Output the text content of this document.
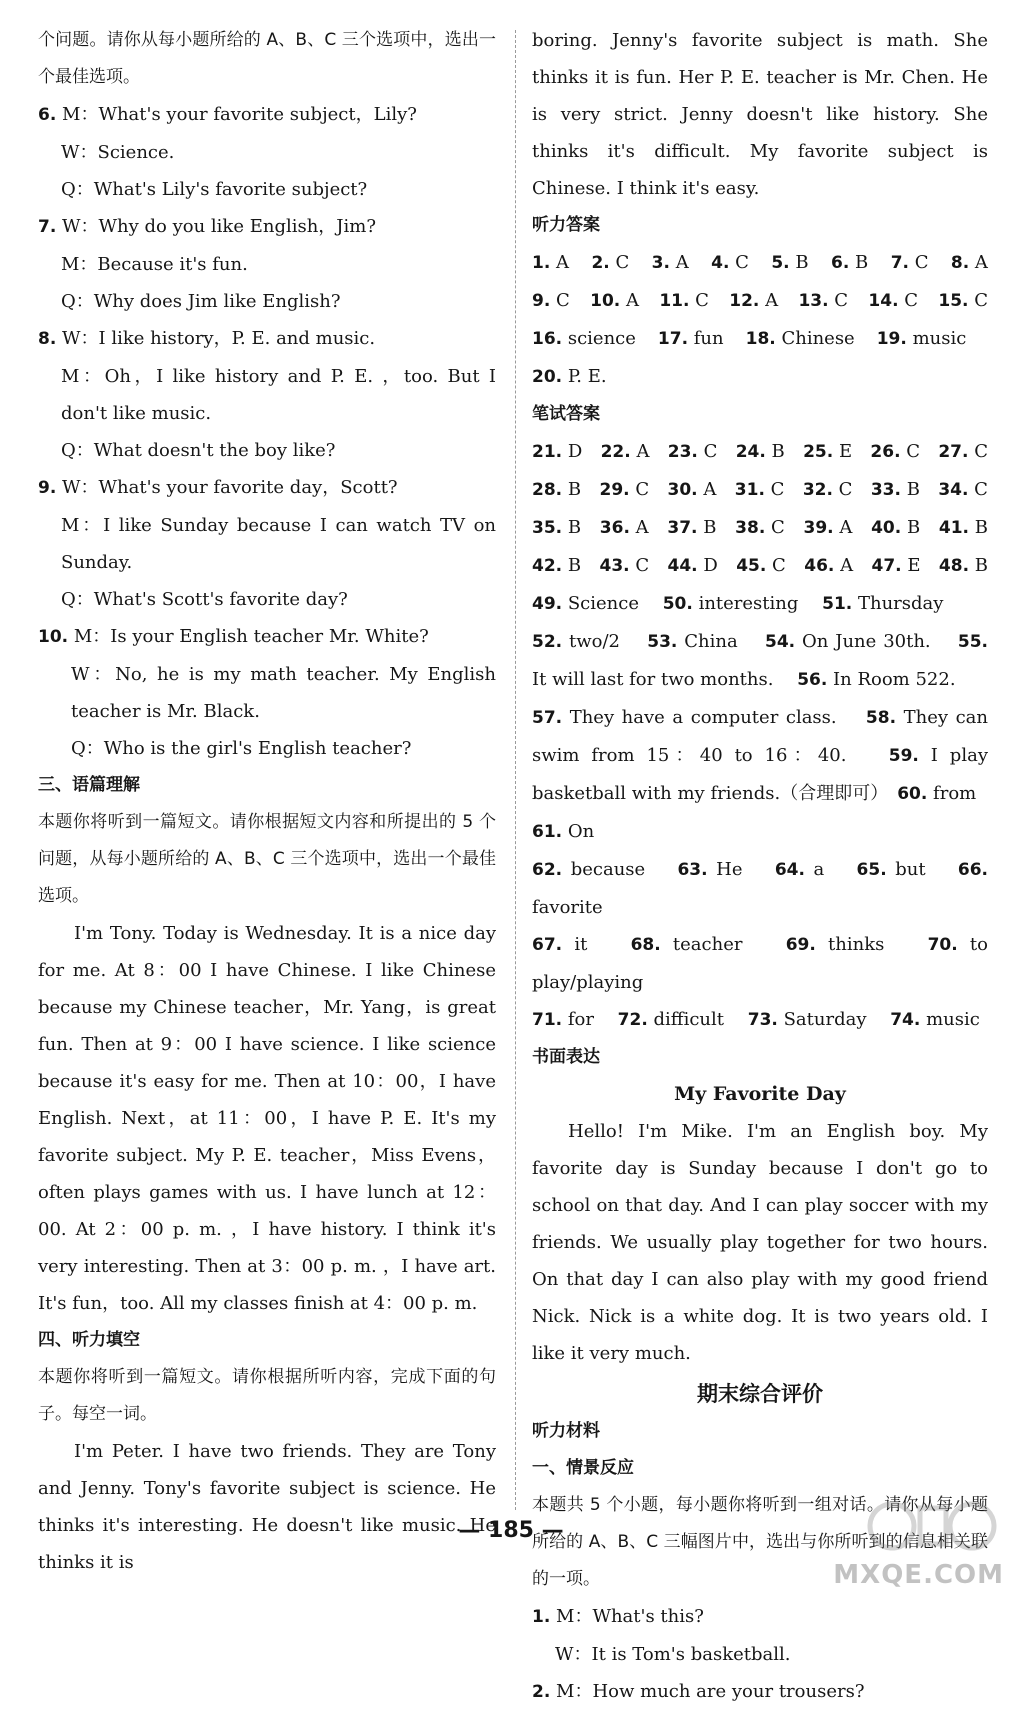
个问题。请你从每小题所给的 A、B、C 三个选项中，选出一个最佳选项。

6. M：What's your favorite subject，Lily?

W：Science.

Q：What's Lily's favorite subject?

7. W：Why do you like English，Jim?

M：Because it's fun.

Q：Why does Jim like English?

8. W：I like history，P. E. and music.

M：Oh，I like history and P. E. ，too. But I don't like music.

Q：What doesn't the boy like?

9. W：What's your favorite day，Scott?

M：I like Sunday because I can watch TV on Sunday.

Q：What's Scott's favorite day?

10. M：Is your English teacher Mr. White?

W：No, he is my math teacher. My English teacher is Mr. Black.

Q：Who is the girl's English teacher?

三、语篇理解

本题你将听到一篇短文。请你根据短文内容和所提出的 5 个问题，从每小题所给的 A、B、C 三个选项中，选出一个最佳选项。

I'm Tony. Today is Wednesday. It is a nice day for me. At 8：00 I have Chinese. I like Chinese because my Chinese teacher，Mr. Yang，is great fun. Then at 9：00 I have science. I like science because it's easy for me. Then at 10：00，I have English. Next，at 11：00，I have P. E. It's my favorite subject. My P. E. teacher，Miss Evens，often plays games with us. I have lunch at 12：00. At 2：00 p. m. ，I have history. I think it's very interesting. Then at 3：00 p. m. ，I have art. It's fun，too. All my classes finish at 4：00 p. m.

四、听力填空

本题你将听到一篇短文。请你根据所听内容，完成下面的句子。每空一词。

I'm Peter. I have two friends. They are Tony and Jenny. Tony's favorite subject is science. He thinks it's interesting. He doesn't like music. He thinks it is

boring. Jenny's favorite subject is math. She thinks it is fun. Her P. E. teacher is Mr. Chen. He is very strict. Jenny doesn't like history. She thinks it's difficult. My favorite subject is Chinese. I think it's easy.

听力答案

1. A 2. C 3. A 4. C 5. B 6. B 7. C 8. A
9. C 10. A 11. C 12. A 13. C 14. C 15. C
16. science 17. fun 18. Chinese 19. music
20. P. E.

笔试答案

21. D 22. A 23. C 24. B 25. E 26. C 27. C
28. B 29. C 30. A 31. C 32. C 33. B 34. C
35. B 36. A 37. B 38. C 39. A 40. B 41. B
42. B 43. C 44. D 45. C 46. A 47. E 48. B

49. Science　 50. interesting　 51. Thursday

52. two/2　 53. China　 54. On June 30th.　 55. It will last for two months.　 56. In Room 522.

57. They have a computer class.　 58. They can swim from 15：40 to 16：40.　 59. I play basketball with my friends.（合理即可）　60. from　 61. On

62. because　 63. He　 64. a　 65. but　 66. favorite

67. it　 68. teacher　 69. thinks　 70. to play/playing

71. for　 72. difficult　 73. Saturday　 74. music

书面表达

My Favorite Day

Hello! I'm Mike. I'm an English boy. My favorite day is Sunday because I don't go to school on that day. And I can play soccer with my friends. We usually play together for two hours. On that day I can also play with my good friend Nick. Nick is a white dog. It is two years old. I like it very much.

期末综合评价

听力材料

一、情景反应

本题共 5 个小题，每小题你将听到一组对话。请你从每小题所给的 A、B、C 三幅图片中，选出与你所听到的信息相关联的一项。

1. M：What's this?

W：It is Tom's basketball.

2. M：How much are your trousers?

— 185 —
MXQE.COM
